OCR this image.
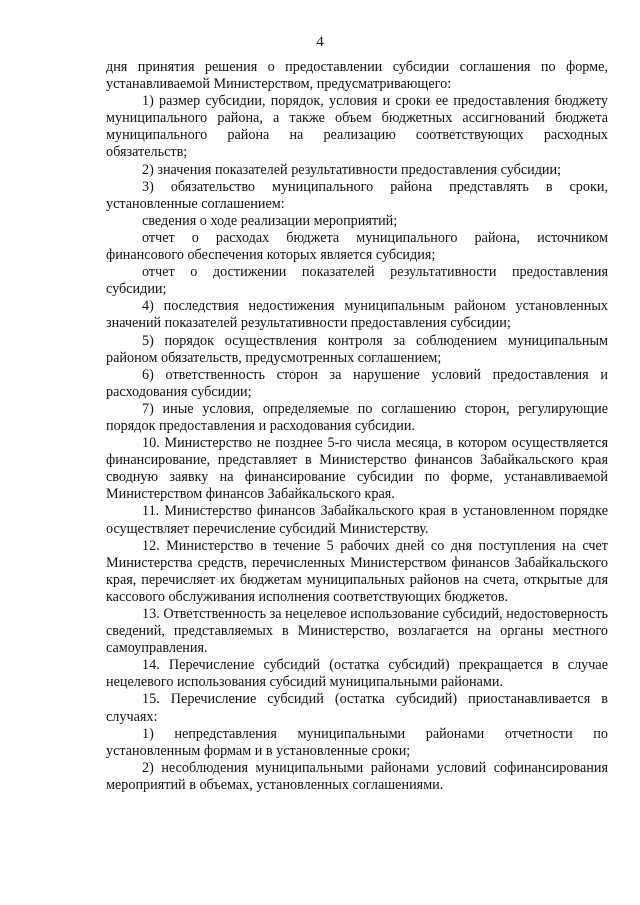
4

дня принятия решения о предоставлении субсидии соглашения по форме, устанавливаемой Министерством, предусматривающего:

1) размер субсидии, порядок, условия и сроки ее предоставления бюджету муниципального района, а также объем бюджетных ассигнований бюджета муниципального района на реализацию соответствующих расходных обязательств;

2) значения показателей результативности предоставления субсидии;

3) обязательство муниципального района представлять в сроки, установленные соглашением:

сведения о ходе реализации мероприятий;

отчет о расходах бюджета муниципального района, источником финансового обеспечения которых является субсидия;

отчет о достижении показателей результативности предоставления субсидии;

4) последствия недостижения муниципальным районом установленных значений показателей результативности предоставления субсидии;

5) порядок осуществления контроля за соблюдением муниципальным районом обязательств, предусмотренных соглашением;

6) ответственность сторон за нарушение условий предоставления и расходования субсидии;

7) иные условия, определяемые по соглашению сторон, регулирующие порядок предоставления и расходования субсидии.

10. Министерство не позднее 5-го числа месяца, в котором осуществляется финансирование, представляет в Министерство финансов Забайкальского края сводную заявку на финансирование субсидии по форме, устанавливаемой Министерством финансов Забайкальского края.

11. Министерство финансов Забайкальского края в установленном порядке осуществляет перечисление субсидий Министерству.

12. Министерство в течение 5 рабочих дней со дня поступления на счет Министерства средств, перечисленных Министерством финансов Забайкальского края, перечисляет их бюджетам муниципальных районов на счета, открытые для кассового обслуживания исполнения соответствующих бюджетов.

13. Ответственность за нецелевое использование субсидий, недостоверность сведений, представляемых в Министерство, возлагается на органы местного самоуправления.

14. Перечисление субсидий (остатка субсидий) прекращается в случае нецелевого использования субсидий муниципальными районами.

15. Перечисление субсидий (остатка субсидий) приостанавливается в случаях:

1) непредставления муниципальными районами отчетности по установленным формам и в установленные сроки;

2) несоблюдения муниципальными районами условий софинансирования мероприятий в объемах, установленных соглашениями.
